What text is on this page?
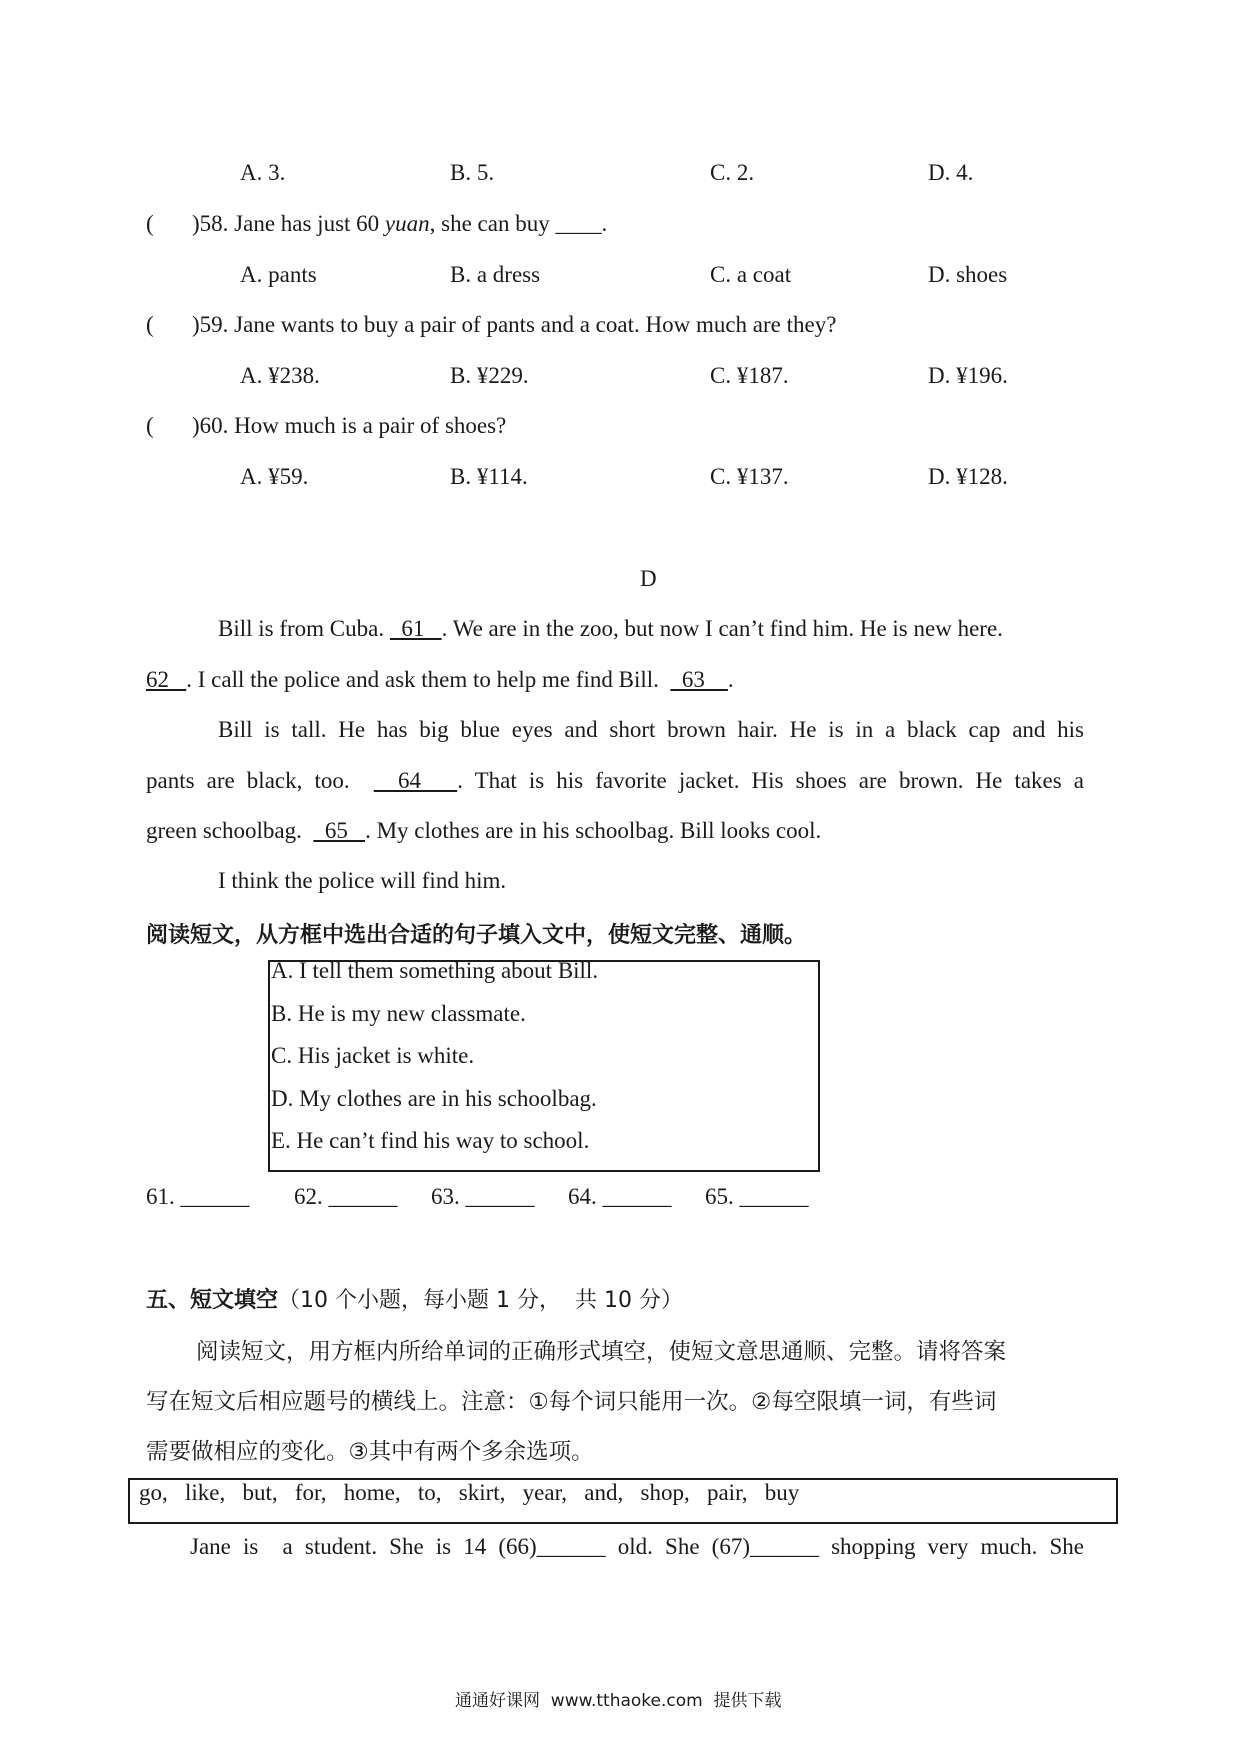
A. 3.	B. 5.	C. 2.	D. 4.
( )58. Jane has just 60 yuan, she can buy ____.
A. pants	B. a dress	C. a coat	D. shoes
( )59. Jane wants to buy a pair of pants and a coat. How much are they?
A. ¥238.	B. ¥229.	C. ¥187.	D. ¥196.
( )60. How much is a pair of shoes?
A. ¥59.	B. ¥114.	C. ¥137.	D. ¥128.
D
Bill is from Cuba.   61   . We are in the zoo, but now I can’t find him. He is new here.
62   . I call the police and ask them to help me find Bill.    63    .
Bill is tall. He has big blue eyes and short brown hair. He is in a black cap and his
pants are black, too.    64   . That is his favorite jacket. His shoes are brown. He takes a
green schoolbag.    65   . My clothes are in his schoolbag. Bill looks cool.
I think the police will find him.
阅读短文，从方框中选出合适的句子填入文中，使短文完整、通顺。
A. I tell them something about Bill.
B. He is my new classmate.
C. His jacket is white.
D. My clothes are in his schoolbag.
E. He can’t find his way to school.
61. ______ 62. ______ 63. ______ 64. ______ 65. ______
五、短文填空（10 个小题，每小题 1 分，  共 10 分）
阅读短文，用方框内所给单词的正确形式填空，使短文意思通顺、完整。请将答案
写在短文后相应题号的横线上。注意：①每个词只能用一次。②每空限填一词，有些词
需要做相应的变化。③其中有两个多余选项。
go,   like,   but,   for,   home,   to,   skirt,   year,   and,   shop,   pair,   buy
Jane is  a student. She is 14 (66)______ old. She (67)______ shopping very much. She
通通好课网  www.tthaoke.com  提供下载
